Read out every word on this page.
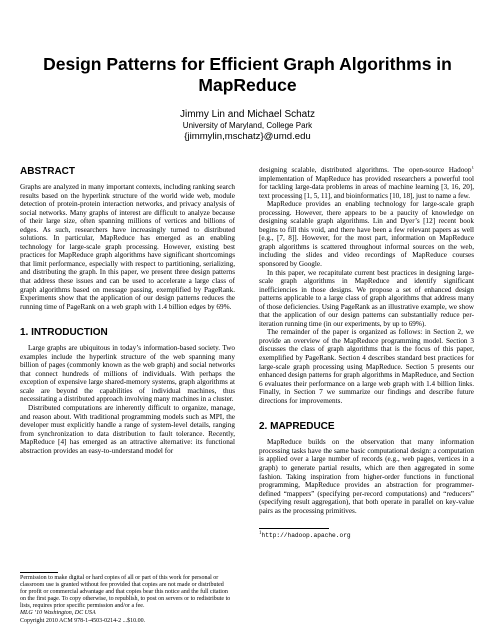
Design Patterns for Efficient Graph Algorithms in
MapReduce
Jimmy Lin and Michael Schatz
University of Maryland, College Park
{jimmylin,mschatz}@umd.edu
ABSTRACT

Graphs are analyzed in many important contexts, including ranking search results based on the hyperlink structure of the world wide web, module detection of protein-protein interaction networks, and privacy analysis of social networks. Many graphs of interest are difficult to analyze because of their large size, often spanning millions of vertices and billions of edges. As such, researchers have increasingly turned to distributed solutions. In particular, MapReduce has emerged as an enabling technology for large-scale graph processing. However, existing best practices for MapReduce graph algorithms have significant shortcomings that limit performance, especially with respect to partitioning, serializing, and distributing the graph. In this paper, we present three design patterns that address these issues and can be used to accelerate a large class of graph algorithms based on message passing, exemplified by PageRank. Experiments show that the application of our design patterns reduces the running time of PageRank on a web graph with 1.4 billion edges by 69%.

1. INTRODUCTION

Large graphs are ubiquitous in today’s information-based society. Two examples include the hyperlink structure of the web spanning many billion of pages (commonly known as the web graph) and social networks that connect hundreds of millions of individuals. With perhaps the exception of expensive large shared-memory systems, graph algorithms at scale are beyond the capabilities of individual machines, thus necessitating a distributed approach involving many machines in a cluster.

Distributed computations are inherently difficult to organize, manage, and reason about. With traditional programming models such as MPI, the developer must explicitly handle a range of system-level details, ranging from synchronization to data distribution to fault tolerance. Recently, MapReduce [4] has emerged as an attractive alternative: its functional abstraction provides an easy-to-understand model for

Permission to make digital or hard copies of all or part of this work for personal or classroom use is granted without fee provided that copies are not made or distributed for profit or commercial advantage and that copies bear this notice and the full citation on the first page. To copy otherwise, to republish, to post on servers or to redistribute to lists, requires prior specific permission and/or a fee.
MLG ’10 Washington, DC USA
Copyright 2010 ACM 978-1-4503-0214-2 ...$10.00.

designing scalable, distributed algorithms. The open-source Hadoop$^1$ implementation of MapReduce has provided researchers a powerful tool for tackling large-data problems in areas of machine learning [3, 16, 20], text processing [1, 5, 11], and bioinformatics [10, 18], just to name a few.

MapReduce provides an enabling technology for large-scale graph processing. However, there appears to be a paucity of knowledge on designing scalable graph algorithms. Lin and Dyer’s [12] recent book begins to fill this void, and there have been a few relevant papers as well [e.g., [7, 8]]. However, for the most part, information on MapReduce graph algorithms is scattered throughout informal sources on the web, including the slides and video recordings of MapReduce courses sponsored by Google.

In this paper, we recapitulate current best practices in designing large-scale graph algorithms in MapReduce and identify significant inefficiencies in those designs. We propose a set of enhanced design patterns applicable to a large class of graph algorithms that address many of those deficiencies. Using PageRank as an illustrative example, we show that the application of our design patterns can substantially reduce per-iteration running time (in our experiments, by up to 69%).

The remainder of the paper is organized as follows: in Section 2, we provide an overview of the MapReduce programming model. Section 3 discusses the class of graph algorithms that is the focus of this paper, exemplified by PageRank. Section 4 describes standard best practices for large-scale graph processing using MapReduce. Section 5 presents our enhanced design patterns for graph algorithms in MapReduce, and Section 6 evaluates their performance on a large web graph with 1.4 billion links. Finally, in Section 7 we summarize our findings and describe future directions for improvements.

2. MAPREDUCE

MapReduce builds on the observation that many information processing tasks have the same basic computational design: a computation is applied over a large number of records (e.g., web pages, vertices in a graph) to generate partial results, which are then aggregated in some fashion. Taking inspiration from higher-order functions in functional programming, MapReduce provides an abstraction for programmer-defined “mappers” (specifying per-record computations) and “reducers” (specifying result aggregation), that both operate in parallel on key-value pairs as the processing primitives.

$^1$http://hadoop.apache.org
